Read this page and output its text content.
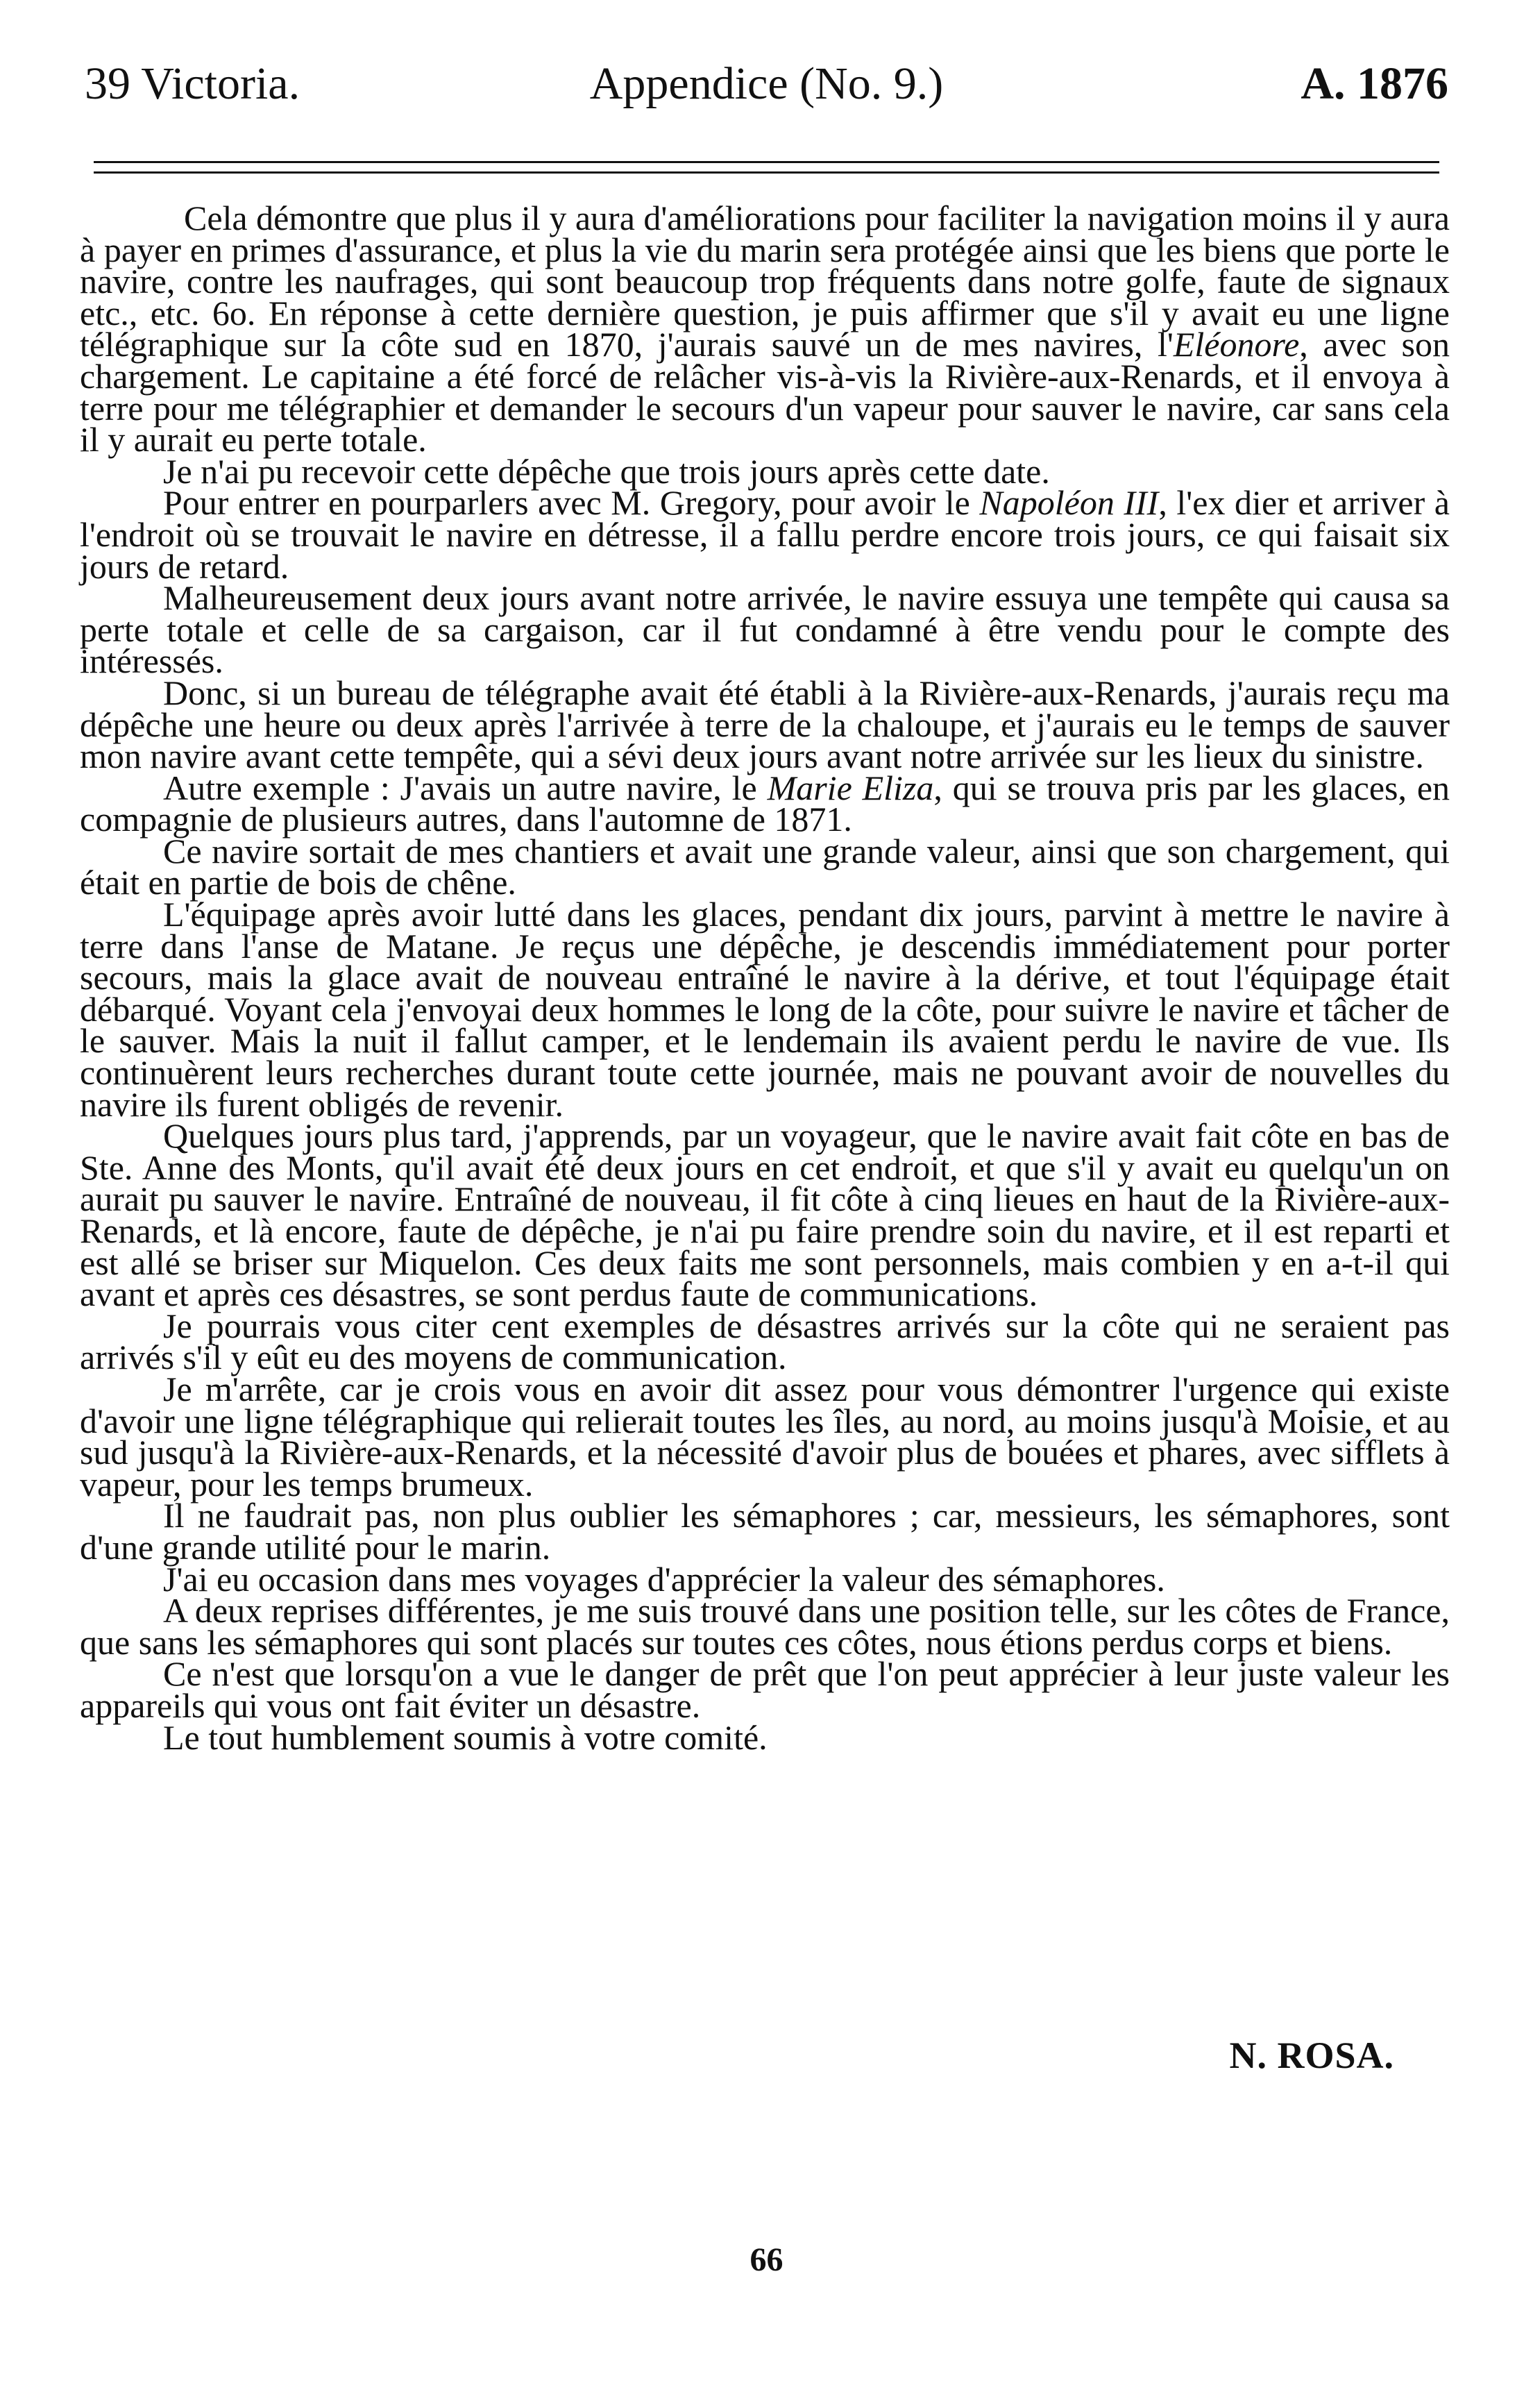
39 Victoria.	Appendice (No. 9.)	A. 1876

Cela démontre que plus il y aura d'améliorations pour faciliter la navigation moins il y aura à payer en primes d'assurance, et plus la vie du marin sera protégée ainsi que les biens que porte le navire, contre les naufrages, qui sont beaucoup trop fréquents dans notre golfe, faute de signaux etc., etc. 6o. En réponse à cette dernière question, je puis affirmer que s'il y avait eu une ligne télégraphique sur la côte sud en 1870, j'aurais sauvé un de mes navires, l'Eléonore, avec son chargement. Le capitaine a été forcé de relâcher vis-à-vis la Rivière-aux-Renards, et il envoya à terre pour me télégraphier et demander le secours d'un vapeur pour sauver le navire, car sans cela il y aurait eu perte totale.

Je n'ai pu recevoir cette dépêche que trois jours après cette date.

Pour entrer en pourparlers avec M. Gregory, pour avoir le Napoléon III, l'ex dier et arriver à l'endroit où se trouvait le navire en détresse, il a fallu perdre encore trois jours, ce qui faisait six jours de retard.

Malheureusement deux jours avant notre arrivée, le navire essuya une tempête qui causa sa perte totale et celle de sa cargaison, car il fut condamné à être vendu pour le compte des intéressés.

Donc, si un bureau de télégraphe avait été établi à la Rivière-aux-Renards, j'aurais reçu ma dépêche une heure ou deux après l'arrivée à terre de la chaloupe, et j'aurais eu le temps de sauver mon navire avant cette tempête, qui a sévi deux jours avant notre arrivée sur les lieux du sinistre.

Autre exemple : J'avais un autre navire, le Marie Eliza, qui se trouva pris par les glaces, en compagnie de plusieurs autres, dans l'automne de 1871.

Ce navire sortait de mes chantiers et avait une grande valeur, ainsi que son chargement, qui était en partie de bois de chêne.

L'équipage après avoir lutté dans les glaces, pendant dix jours, parvint à mettre le navire à terre dans l'anse de Matane. Je reçus une dépêche, je descendis immédiatement pour porter secours, mais la glace avait de nouveau entraîné le navire à la dérive, et tout l'équipage était débarqué. Voyant cela j'envoyai deux hommes le long de la côte, pour suivre le navire et tâcher de le sauver. Mais la nuit il fallut camper, et le lendemain ils avaient perdu le navire de vue. Ils continuèrent leurs recherches durant toute cette journée, mais ne pouvant avoir de nouvelles du navire ils furent obligés de revenir.

Quelques jours plus tard, j'apprends, par un voyageur, que le navire avait fait côte en bas de Ste. Anne des Monts, qu'il avait été deux jours en cet endroit, et que s'il y avait eu quelqu'un on aurait pu sauver le navire. Entraîné de nouveau, il fit côte à cinq lieues en haut de la Rivière-aux-Renards, et là encore, faute de dépêche, je n'ai pu faire prendre soin du navire, et il est reparti et est allé se briser sur Miquelon. Ces deux faits me sont personnels, mais combien y en a-t-il qui avant et après ces désastres, se sont perdus faute de communications.

Je pourrais vous citer cent exemples de désastres arrivés sur la côte qui ne seraient pas arrivés s'il y eût eu des moyens de communication.

Je m'arrête, car je crois vous en avoir dit assez pour vous démontrer l'urgence qui existe d'avoir une ligne télégraphique qui relierait toutes les îles, au nord, au moins jusqu'à Moisie, et au sud jusqu'à la Rivière-aux-Renards, et la nécessité d'avoir plus de bouées et phares, avec sifflets à vapeur, pour les temps brumeux.

Il ne faudrait pas, non plus oublier les sémaphores ; car, messieurs, les sémaphores, sont d'une grande utilité pour le marin.

J'ai eu occasion dans mes voyages d'apprécier la valeur des sémaphores.

A deux reprises différentes, je me suis trouvé dans une position telle, sur les côtes de France, que sans les sémaphores qui sont placés sur toutes ces côtes, nous étions perdus corps et biens.

Ce n'est que lorsqu'on a vue le danger de prêt que l'on peut apprécier à leur juste valeur les appareils qui vous ont fait éviter un désastre.

Le tout humblement soumis à votre comité.

N. ROSA.
66
